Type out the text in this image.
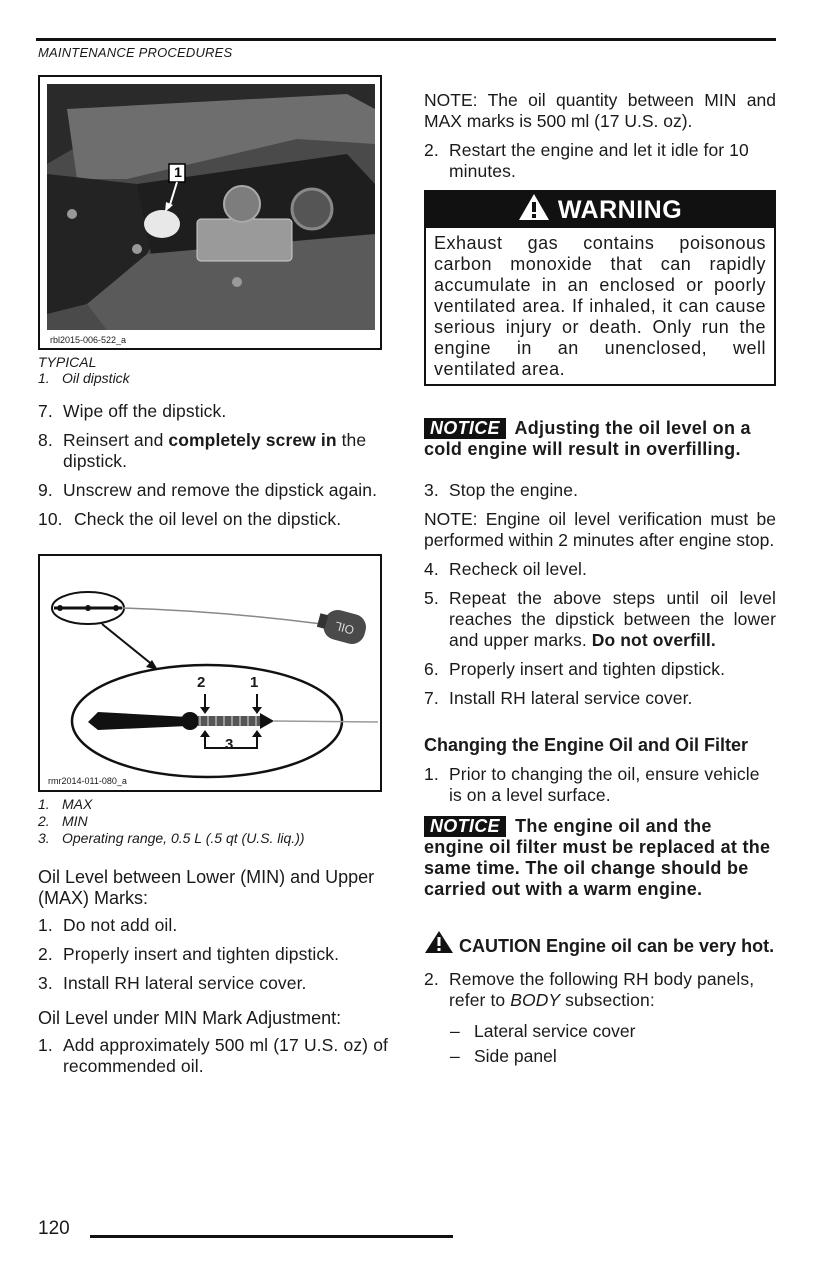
MAINTENANCE PROCEDURES
1
rbl2015-006-522_a
TYPICAL
1. Oil dipstick
7. Wipe off the dipstick.
8. Reinsert and completely screw in the dipstick.
9. Unscrew and remove the dipstick again.
10. Check the oil level on the dipstick.
OIL
2	1
3
rmr2014-011-080_a
1. MAX
2. MIN
3. Operating range, 0.5 L (.5 qt (U.S. liq.))
Oil Level between Lower (MIN) and Upper (MAX) Marks:
1. Do not add oil.
2. Properly insert and tighten dipstick.
3. Install RH lateral service cover.
Oil Level under MIN Mark Adjustment:
1. Add approximately 500 ml (17 U.S. oz) of recommended oil.
NOTE: The oil quantity between MIN and MAX marks is 500 ml (17 U.S. oz).
2. Restart the engine and let it idle for 10 minutes.
WARNING
Exhaust gas contains poisonous carbon monoxide that can rapidly accumulate in an enclosed or poorly ventilated area. If inhaled, it can cause serious injury or death. Only run the engine in an unenclosed, well ventilated area.
NOTICE Adjusting the oil level on a cold engine will result in overfilling.
3. Stop the engine.
NOTE: Engine oil level verification must be performed within 2 minutes after engine stop.
4. Recheck oil level.
5. Repeat the above steps until oil level reaches the dipstick between the lower and upper marks. Do not overfill.
6. Properly insert and tighten dipstick.
7. Install RH lateral service cover.
Changing the Engine Oil and Oil Filter
1. Prior to changing the oil, ensure vehicle is on a level surface.
NOTICE The engine oil and the engine oil filter must be replaced at the same time. The oil change should be carried out with a warm engine.
CAUTION Engine oil can be very hot.
2. Remove the following RH body panels, refer to BODY subsection:
– Lateral service cover
– Side panel
120
